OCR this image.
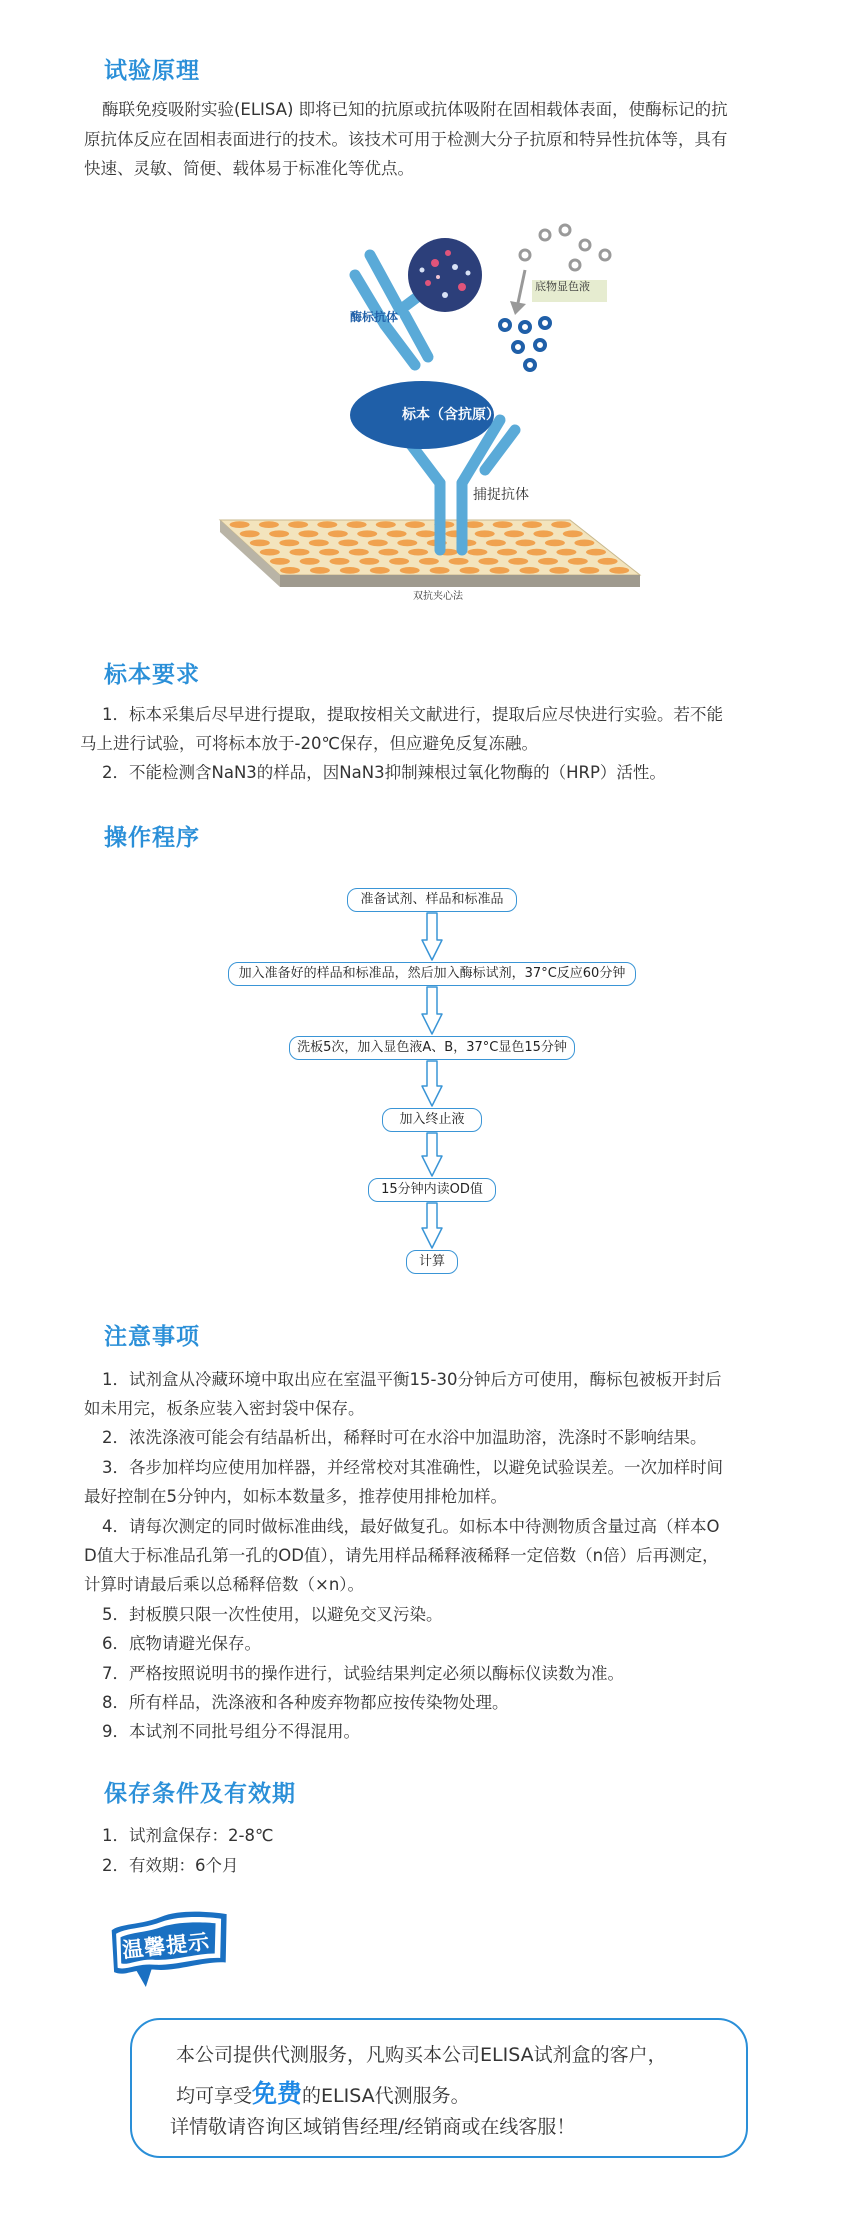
试验原理
酶联免疫吸附实验(ELISA) 即将已知的抗原或抗体吸附在固相载体表面，使酶标记的抗
原抗体反应在固相表面进行的技术。该技术可用于检测大分子抗原和特异性抗体等，具有
快速、灵敏、简便、载体易于标准化等优点。
酶标抗体
底物显色液
标本（含抗原）
捕捉抗体
双抗夹心法
标本要求
1．标本采集后尽早进行提取，提取按相关文献进行，提取后应尽快进行实验。若不能
马上进行试验，可将标本放于-20℃保存，但应避免反复冻融。
2．不能检测含NaN3的样品，因NaN3抑制辣根过氧化物酶的（HRP）活性。
操作程序
准备试剂、样品和标准品
加入准备好的样品和标准品，然后加入酶标试剂，37°C反应60分钟
洗板5次，加入显色液A、B，37°C显色15分钟
加入终止液
15分钟内读OD值
计算
注意事项
1．试剂盒从冷藏环境中取出应在室温平衡15-30分钟后方可使用，酶标包被板开封后
如未用完，板条应装入密封袋中保存。
2．浓洗涤液可能会有结晶析出，稀释时可在水浴中加温助溶，洗涤时不影响结果。
3．各步加样均应使用加样器，并经常校对其准确性，以避免试验误差。一次加样时间
最好控制在5分钟内，如标本数量多，推荐使用排枪加样。
4．请每次测定的同时做标准曲线，最好做复孔。如标本中待测物质含量过高（样本O
D值大于标准品孔第一孔的OD值），请先用样品稀释液稀释一定倍数（n倍）后再测定，
计算时请最后乘以总稀释倍数（×n）。
5．封板膜只限一次性使用，以避免交叉污染。
6．底物请避光保存。
7．严格按照说明书的操作进行，试验结果判定必须以酶标仪读数为准。
8．所有样品，洗涤液和各种废弃物都应按传染物处理。
9．本试剂不同批号组分不得混用。
保存条件及有效期
1．试剂盒保存：2-8℃
2．有效期：6个月
温馨提示
本公司提供代测服务，凡购买本公司ELISA试剂盒的客户，
均可享受免费的ELISA代测服务。
详情敬请咨询区域销售经理/经销商或在线客服！
